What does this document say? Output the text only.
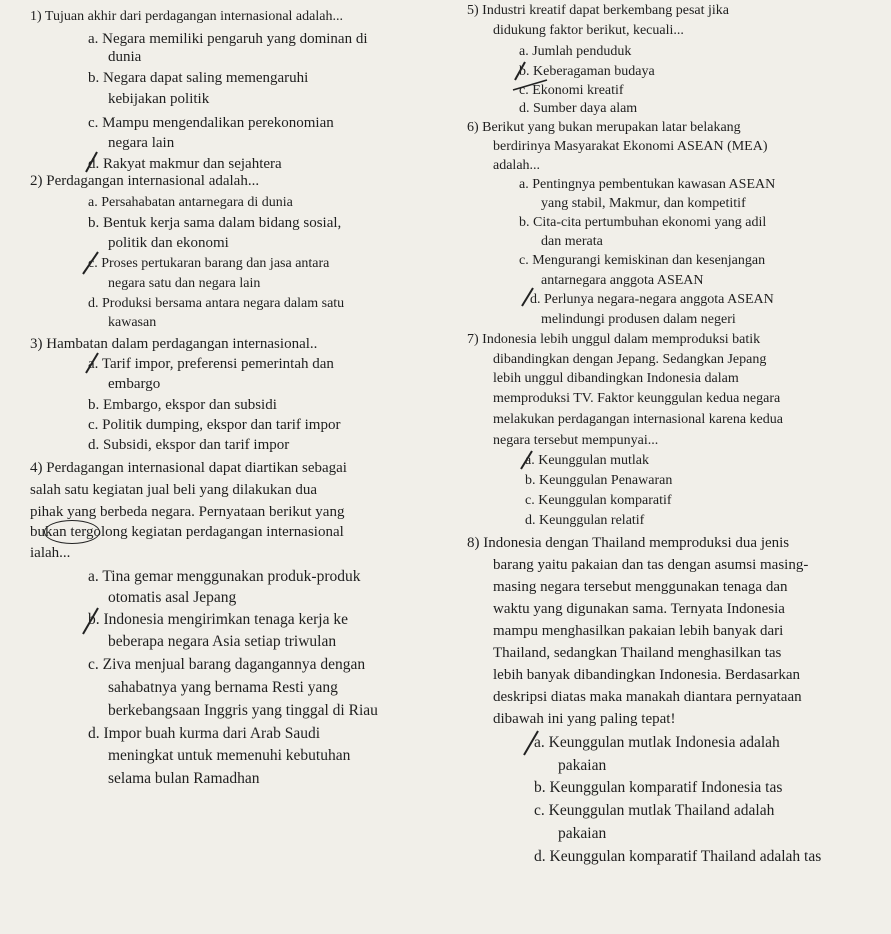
1) Tujuan akhir dari perdagangan internasional adalah...
a. Negara memiliki pengaruh yang dominan di
dunia
b. Negara dapat saling memengaruhi
kebijakan politik
c. Mampu mengendalikan perekonomian
negara lain
d. Rakyat makmur dan sejahtera
2) Perdagangan internasional adalah...
a. Persahabatan antarnegara di dunia
b. Bentuk kerja sama dalam bidang sosial,
politik dan ekonomi
c. Proses pertukaran barang dan jasa antara
negara satu dan negara lain
d. Produksi bersama antara negara dalam satu
kawasan
3) Hambatan dalam perdagangan internasional..
a. Tarif impor, preferensi pemerintah dan
embargo
b. Embargo, ekspor dan subsidi
c. Politik dumping, ekspor dan tarif impor
d. Subsidi, ekspor dan tarif impor
4) Perdagangan internasional dapat diartikan sebagai
salah satu kegiatan jual beli yang dilakukan dua
pihak yang berbeda negara. Pernyataan berikut yang
bukan tergolong kegiatan perdagangan internasional
ialah...
a. Tina gemar menggunakan produk-produk
otomatis asal Jepang
b. Indonesia mengirimkan tenaga kerja ke
beberapa negara Asia setiap triwulan
c. Ziva menjual barang dagangannya dengan
sahabatnya yang bernama Resti yang
berkebangsaan Inggris yang tinggal di Riau
d. Impor buah kurma dari Arab Saudi
meningkat untuk memenuhi kebutuhan
selama bulan Ramadhan
5) Industri kreatif dapat berkembang pesat jika
didukung faktor berikut, kecuali...
a. Jumlah penduduk
b. Keberagaman budaya
c. Ekonomi kreatif
d. Sumber daya alam
6) Berikut yang bukan merupakan latar belakang
berdirinya Masyarakat Ekonomi ASEAN (MEA)
adalah...
a. Pentingnya pembentukan kawasan ASEAN
yang stabil, Makmur, dan kompetitif
b. Cita-cita pertumbuhan ekonomi yang adil
dan merata
c. Mengurangi kemiskinan dan kesenjangan
antarnegara anggota ASEAN
d. Perlunya negara-negara anggota ASEAN
melindungi produsen dalam negeri
7) Indonesia lebih unggul dalam memproduksi batik
dibandingkan dengan Jepang. Sedangkan Jepang
lebih unggul dibandingkan Indonesia dalam
memproduksi TV. Faktor keunggulan kedua negara
melakukan perdagangan internasional karena kedua
negara tersebut mempunyai...
a. Keunggulan mutlak
b. Keunggulan Penawaran
c. Keunggulan komparatif
d. Keunggulan relatif
8) Indonesia dengan Thailand memproduksi dua jenis
barang yaitu pakaian dan tas dengan asumsi masing-
masing negara tersebut menggunakan tenaga dan
waktu yang digunakan sama. Ternyata Indonesia
mampu menghasilkan pakaian lebih banyak dari
Thailand, sedangkan Thailand menghasilkan tas
lebih banyak dibandingkan Indonesia. Berdasarkan
deskripsi diatas maka manakah diantara pernyataan
dibawah ini yang paling tepat!
a. Keunggulan mutlak Indonesia adalah
pakaian
b. Keunggulan komparatif Indonesia tas
c. Keunggulan mutlak Thailand adalah
pakaian
d. Keunggulan komparatif Thailand adalah tas
